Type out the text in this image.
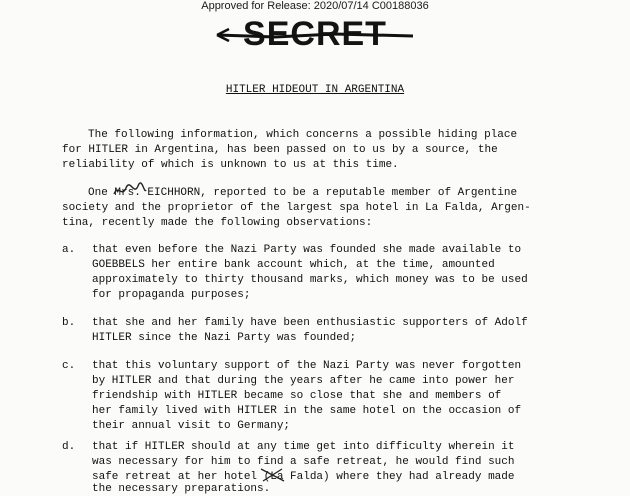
Approved for Release: 2020/07/14 C00188036
SECRET
HITLER HIDEOUT IN ARGENTINA
The following information, which concerns a possible hiding place
for HITLER in Argentina, has been passed on to us by a source, the
reliability of which is unknown to us at this time.
One Mrs. EICHHORN, reported to be a reputable member of Argentine
society and the proprietor of the largest spa hotel in La Falda, Argen-
tina, recently made the following observations:
a. that even before the Nazi Party was founded she made available to
GOEBBELS her entire bank account which, at the time, amounted
approximately to thirty thousand marks, which money was to be used
for propaganda purposes;
b. that she and her family have been enthusiastic supporters of Adolf
HITLER since the Nazi Party was founded;
c. that this voluntary support of the Nazi Party was never forgotten
by HITLER and that during the years after he came into power her
friendship with HITLER became so close that she and members of
her family lived with HITLER in the same hotel on the occasion of
their annual visit to Germany;
d. that if HITLER should at any time get into difficulty wherein it
was necessary for him to find a safe retreat, he would find such
safe retreat at her hotel (La Falda) where they had already made
the necessary preparations.
